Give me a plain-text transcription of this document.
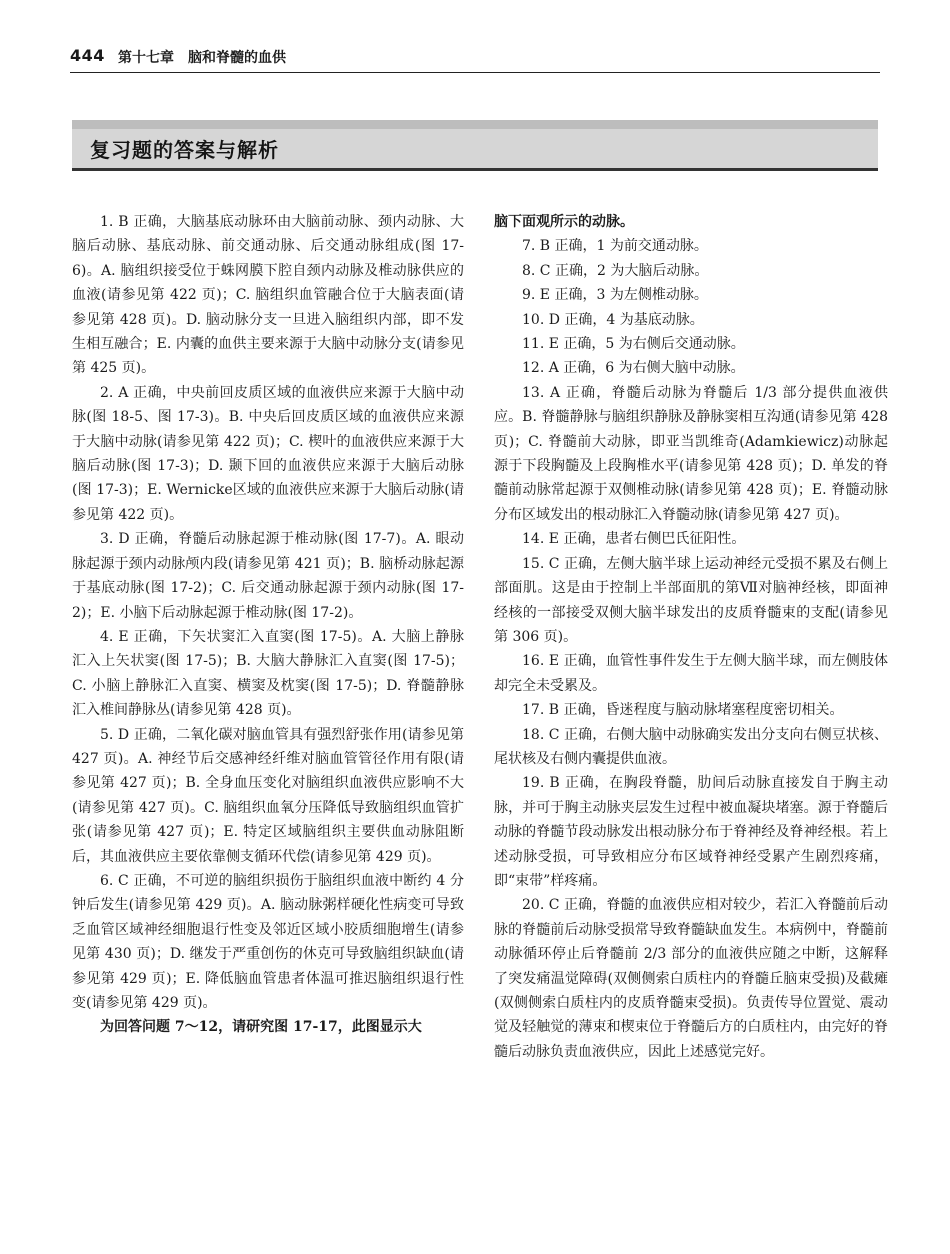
444 第十七章　脑和脊髓的血供
复习题的答案与解析

1. B 正确，大脑基底动脉环由大脑前动脉、颈内动脉、大脑后动脉、基底动脉、前交通动脉、后交通动脉组成(图 17-6)。A. 脑组织接受位于蛛网膜下腔自颈内动脉及椎动脉供应的血液(请参见第 422 页)；C. 脑组织血管融合位于大脑表面(请参见第 428 页)。D. 脑动脉分支一旦进入脑组织内部，即不发生相互融合；E. 内囊的血供主要来源于大脑中动脉分支(请参见第 425 页)。

2. A 正确，中央前回皮质区域的血液供应来源于大脑中动脉(图 18-5、图 17-3)。B. 中央后回皮质区域的血液供应来源于大脑中动脉(请参见第 422 页)；C. 楔叶的血液供应来源于大脑后动脉(图 17-3)；D. 颞下回的血液供应来源于大脑后动脉(图 17-3)；E. Wernicke区域的血液供应来源于大脑后动脉(请参见第 422 页)。

3. D 正确，脊髓后动脉起源于椎动脉(图 17-7)。A. 眼动脉起源于颈内动脉颅内段(请参见第 421 页)；B. 脑桥动脉起源于基底动脉(图 17-2)；C. 后交通动脉起源于颈内动脉(图 17-2)；E. 小脑下后动脉起源于椎动脉(图 17-2)。

4. E 正确，下矢状窦汇入直窦(图 17-5)。A. 大脑上静脉汇入上矢状窦(图 17-5)；B. 大脑大静脉汇入直窦(图 17-5)；C. 小脑上静脉汇入直窦、横窦及枕窦(图 17-5)；D. 脊髓静脉汇入椎间静脉丛(请参见第 428 页)。

5. D 正确，二氧化碳对脑血管具有强烈舒张作用(请参见第 427 页)。A. 神经节后交感神经纤维对脑血管管径作用有限(请参见第 427 页)；B. 全身血压变化对脑组织血液供应影响不大(请参见第 427 页)。C. 脑组织血氧分压降低导致脑组织血管扩张(请参见第 427 页)；E. 特定区域脑组织主要供血动脉阻断后，其血液供应主要依靠侧支循环代偿(请参见第 429 页)。

6. C 正确，不可逆的脑组织损伤于脑组织血液中断约 4 分钟后发生(请参见第 429 页)。A. 脑动脉粥样硬化性病变可导致乏血管区域神经细胞退行性变及邻近区域小胶质细胞增生(请参见第 430 页)；D. 继发于严重创伤的休克可导致脑组织缺血(请参见第 429 页)；E. 降低脑血管患者体温可推迟脑组织退行性变(请参见第 429 页)。

为回答问题 7～12，请研究图 17-17，此图显示大

脑下面观所示的动脉。

7. B 正确，1 为前交通动脉。

8. C 正确，2 为大脑后动脉。

9. E 正确，3 为左侧椎动脉。

10. D 正确，4 为基底动脉。

11. E 正确，5 为右侧后交通动脉。

12. A 正确，6 为右侧大脑中动脉。

13. A 正确，脊髓后动脉为脊髓后 1/3 部分提供血液供应。B. 脊髓静脉与脑组织静脉及静脉窦相互沟通(请参见第 428 页)；C. 脊髓前大动脉，即亚当凯维奇(Adamkiewicz)动脉起源于下段胸髓及上段胸椎水平(请参见第 428 页)；D. 单发的脊髓前动脉常起源于双侧椎动脉(请参见第 428 页)；E. 脊髓动脉分布区域发出的根动脉汇入脊髓动脉(请参见第 427 页)。

14. E 正确，患者右侧巴氏征阳性。

15. C 正确，左侧大脑半球上运动神经元受损不累及右侧上部面肌。这是由于控制上半部面肌的第Ⅶ对脑神经核，即面神经核的一部接受双侧大脑半球发出的皮质脊髓束的支配(请参见第 306 页)。

16. E 正确，血管性事件发生于左侧大脑半球，而左侧肢体却完全未受累及。

17. B 正确，昏迷程度与脑动脉堵塞程度密切相关。

18. C 正确，右侧大脑中动脉确实发出分支向右侧豆状核、尾状核及右侧内囊提供血液。

19. B 正确，在胸段脊髓，肋间后动脉直接发自于胸主动脉，并可于胸主动脉夹层发生过程中被血凝块堵塞。源于脊髓后动脉的脊髓节段动脉发出根动脉分布于脊神经及脊神经根。若上述动脉受损，可导致相应分布区域脊神经受累产生剧烈疼痛，即“束带”样疼痛。

20. C 正确，脊髓的血液供应相对较少，若汇入脊髓前后动脉的脊髓前后动脉受损常导致脊髓缺血发生。本病例中，脊髓前动脉循环停止后脊髓前 2/3 部分的血液供应随之中断，这解释了突发痛温觉障碍(双侧侧索白质柱内的脊髓丘脑束受损)及截瘫(双侧侧索白质柱内的皮质脊髓束受损)。负责传导位置觉、震动觉及轻触觉的薄束和楔束位于脊髓后方的白质柱内，由完好的脊髓后动脉负责血液供应，因此上述感觉完好。
